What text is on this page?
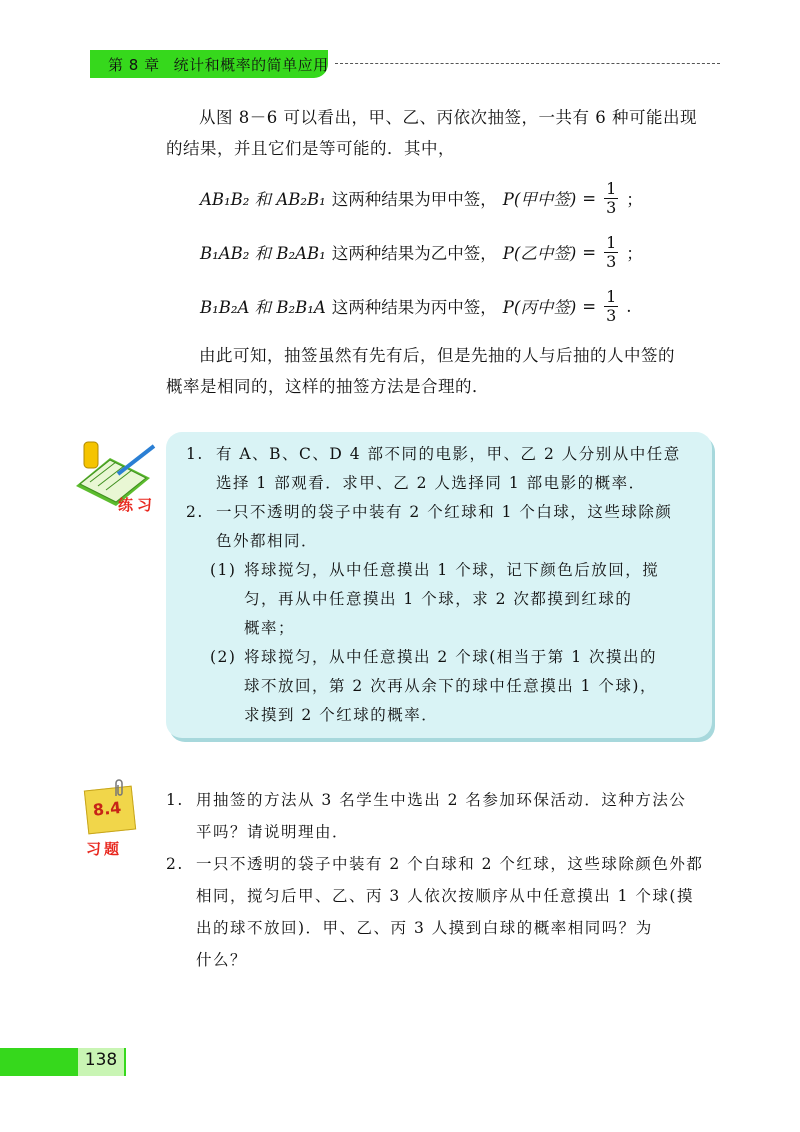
第 8 章 统计和概率的简单应用
从图 8－6 可以看出，甲、乙、丙依次抽签，一共有 6 种可能出现
的结果，并且它们是等可能的．其中，
AB₁B₂ 和 AB₂B₁ 这两种结果为甲中签， P(甲中签) = $\frac{1}{3}$ ；
B₁AB₂ 和 B₂AB₁ 这两种结果为乙中签， P(乙中签) = $\frac{1}{3}$ ；
B₁B₂A 和 B₂B₁A 这两种结果为丙中签， P(丙中签) = $\frac{1}{3}$ .
由此可知，抽签虽然有先有后，但是先抽的人与后抽的人中签的
概率是相同的，这样的抽签方法是合理的．
练习
1. 有 A、B、C、D 4 部不同的电影，甲、乙 2 人分别从中任意
选择 1 部观看．求甲、乙 2 人选择同 1 部电影的概率．
2. 一只不透明的袋子中装有 2 个红球和 1 个白球，这些球除颜
色外都相同．
(1) 将球搅匀，从中任意摸出 1 个球，记下颜色后放回，搅
匀，再从中任意摸出 1 个球，求 2 次都摸到红球的
概率；
(2) 将球搅匀，从中任意摸出 2 个球(相当于第 1 次摸出的
球不放回，第 2 次再从余下的球中任意摸出 1 个球)，
求摸到 2 个红球的概率．
8.4
习题
1. 用抽签的方法从 3 名学生中选出 2 名参加环保活动．这种方法公
平吗？请说明理由．
2. 一只不透明的袋子中装有 2 个白球和 2 个红球，这些球除颜色外都
相同，搅匀后甲、乙、丙 3 人依次按顺序从中任意摸出 1 个球(摸
出的球不放回)．甲、乙、丙 3 人摸到白球的概率相同吗？为
什么？
138
